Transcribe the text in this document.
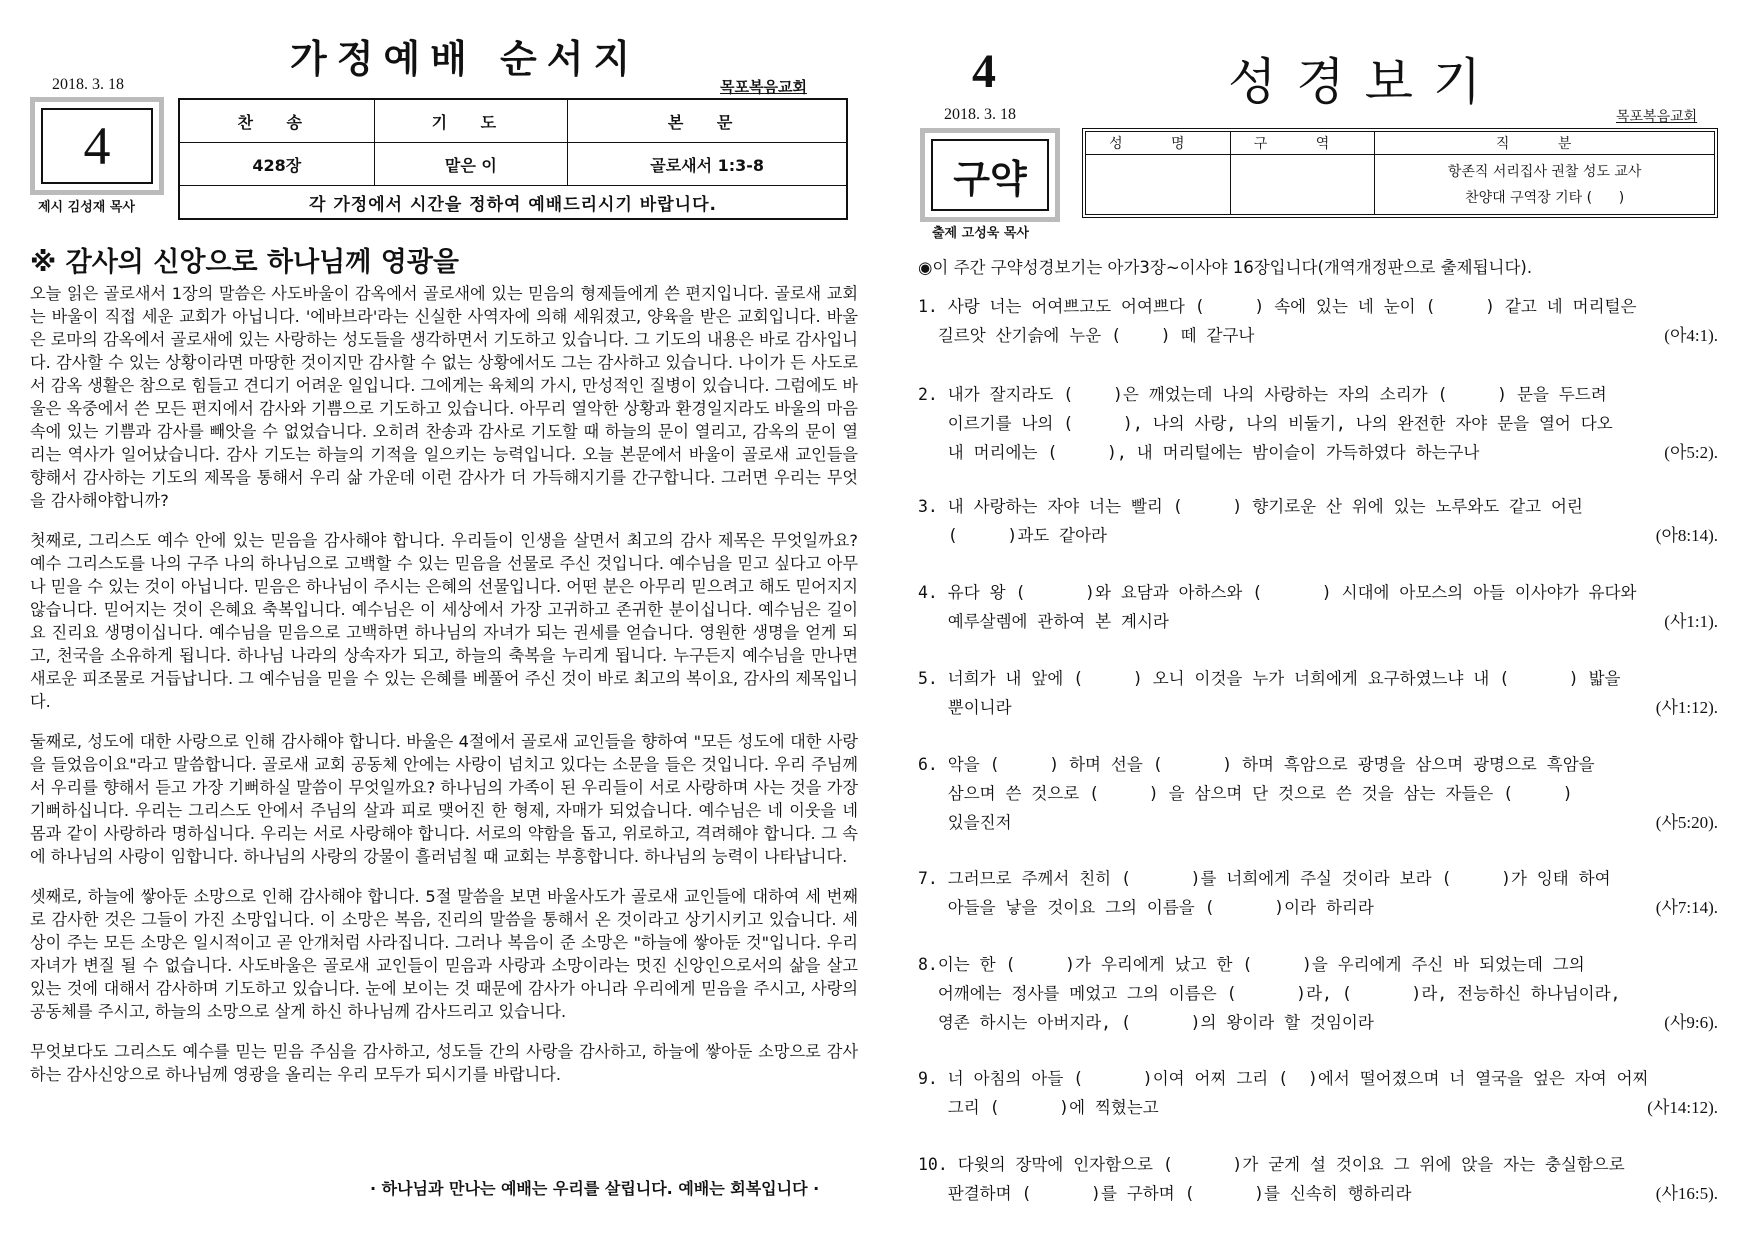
가정예배 순서지
2018. 3. 18	목포복음교회
4
제시 김성재 목사
찬 송	기 도	본 문
428장	맡은 이	골로새서 1:3-8
각 가정에서 시간을 정하여 예배드리시기 바랍니다.		
※ 감사의 신앙으로 하나님께 영광을

오늘 읽은 골로새서 1장의 말씀은 사도바울이 감옥에서 골로새에 있는 믿음의 형제들에게 쓴 편지입니다. 골로새 교회는 바울이 직접 세운 교회가 아닙니다. '에바브라'라는 신실한 사역자에 의해 세워졌고, 양육을 받은 교회입니다. 바울은 로마의 감옥에서 골로새에 있는 사랑하는 성도들을 생각하면서 기도하고 있습니다. 그 기도의 내용은 바로 감사입니다. 감사할 수 있는 상황이라면 마땅한 것이지만 감사할 수 없는 상황에서도 그는 감사하고 있습니다. 나이가 든 사도로서 감옥 생활은 참으로 힘들고 견디기 어려운 일입니다. 그에게는 육체의 가시, 만성적인 질병이 있습니다. 그럼에도 바울은 옥중에서 쓴 모든 편지에서 감사와 기쁨으로 기도하고 있습니다. 아무리 열악한 상황과 환경일지라도 바울의 마음속에 있는 기쁨과 감사를 빼앗을 수 없었습니다. 오히려 찬송과 감사로 기도할 때 하늘의 문이 열리고, 감옥의 문이 열리는 역사가 일어났습니다. 감사 기도는 하늘의 기적을 일으키는 능력입니다. 오늘 본문에서 바울이 골로새 교인들을 향해서 감사하는 기도의 제목을 통해서 우리 삶 가운데 이런 감사가 더 가득해지기를 간구합니다. 그러면 우리는 무엇을 감사해야합니까?

첫째로, 그리스도 예수 안에 있는 믿음을 감사해야 합니다. 우리들이 인생을 살면서 최고의 감사 제목은 무엇일까요? 예수 그리스도를 나의 구주 나의 하나님으로 고백할 수 있는 믿음을 선물로 주신 것입니다. 예수님을 믿고 싶다고 아무나 믿을 수 있는 것이 아닙니다. 믿음은 하나님이 주시는 은혜의 선물입니다. 어떤 분은 아무리 믿으려고 해도 믿어지지 않습니다. 믿어지는 것이 은혜요 축복입니다. 예수님은 이 세상에서 가장 고귀하고 존귀한 분이십니다. 예수님은 길이요 진리요 생명이십니다. 예수님을 믿음으로 고백하면 하나님의 자녀가 되는 권세를 얻습니다. 영원한 생명을 얻게 되고, 천국을 소유하게 됩니다. 하나님 나라의 상속자가 되고, 하늘의 축복을 누리게 됩니다. 누구든지 예수님을 만나면 새로운 피조물로 거듭납니다. 그 예수님을 믿을 수 있는 은혜를 베풀어 주신 것이 바로 최고의 복이요, 감사의 제목입니다.

둘째로, 성도에 대한 사랑으로 인해 감사해야 합니다. 바울은 4절에서 골로새 교인들을 향하여 "모든 성도에 대한 사랑을 들었음이요"라고 말씀합니다. 골로새 교회 공동체 안에는 사랑이 넘치고 있다는 소문을 들은 것입니다. 우리 주님께서 우리를 향해서 듣고 가장 기뻐하실 말씀이 무엇일까요? 하나님의 가족이 된 우리들이 서로 사랑하며 사는 것을 가장 기뻐하십니다. 우리는 그리스도 안에서 주님의 살과 피로 맺어진 한 형제, 자매가 되었습니다. 예수님은 네 이웃을 네 몸과 같이 사랑하라 명하십니다. 우리는 서로 사랑해야 합니다. 서로의 약함을 돕고, 위로하고, 격려해야 합니다. 그 속에 하나님의 사랑이 임합니다. 하나님의 사랑의 강물이 흘러넘칠 때 교회는 부흥합니다. 하나님의 능력이 나타납니다.

셋째로, 하늘에 쌓아둔 소망으로 인해 감사해야 합니다. 5절 말씀을 보면 바울사도가 골로새 교인들에 대하여 세 번째로 감사한 것은 그들이 가진 소망입니다. 이 소망은 복음, 진리의 말씀을 통해서 온 것이라고 상기시키고 있습니다. 세상이 주는 모든 소망은 일시적이고 곧 안개처럼 사라집니다. 그러나 복음이 준 소망은 "하늘에 쌓아둔 것"입니다. 우리 자녀가 변질 될 수 없습니다. 사도바울은 골로새 교인들이 믿음과 사랑과 소망이라는 멋진 신앙인으로서의 삶을 살고 있는 것에 대해서 감사하며 기도하고 있습니다. 눈에 보이는 것 때문에 감사가 아니라 우리에게 믿음을 주시고, 사랑의 공동체를 주시고, 하늘의 소망으로 살게 하신 하나님께 감사드리고 있습니다.

무엇보다도 그리스도 예수를 믿는 믿음 주심을 감사하고, 성도들 간의 사랑을 감사하고, 하늘에 쌓아둔 소망으로 감사하는 감사신앙으로 하나님께 영광을 올리는 우리 모두가 되시기를 바랍니다.

· 하나님과 만나는 예배는 우리를 살립니다. 예배는 회복입니다 ·
4	성경보기
2018. 3. 18	목포복음교회
구약
출제 고성욱 목사
성 명	구 역	직 분

		항존직 서리집사 권찰 성도 교사
찬양대 구역장 기타 (      )
◉이 주간 구약성경보기는 아가3장~이사야 16장입니다(개역개정판으로 출제됩니다).
1. 사랑 너는 어여쁘고도 어여쁘다 (     ) 속에 있는 네 눈이 (     ) 같고 네 머리털은
길르앗 산기슭에 누운 (    ) 떼 같구나	(아4:1).
2. 내가 잘지라도 (    )은 깨었는데 나의 사랑하는 자의 소리가 (     ) 문을 두드려
이르기를 나의 (     ), 나의 사랑, 나의 비둘기, 나의 완전한 자야 문을 열어 다오
내 머리에는 (     ), 내 머리털에는 밤이슬이 가득하였다 하는구나	(아5:2).
3. 내 사랑하는 자야 너는 빨리 (     ) 향기로운 산 위에 있는 노루와도 같고 어린
(     )과도 같아라	(아8:14).
4. 유다 왕 (      )와 요담과 아하스와 (      ) 시대에 아모스의 아들 이사야가 유다와
예루살렘에 관하여 본 계시라	(사1:1).
5. 너희가 내 앞에 (     ) 오니 이것을 누가 너희에게 요구하였느냐 내 (      ) 밟을
뿐이니라	(사1:12).
6. 악을 (     ) 하며 선을 (      ) 하며 흑암으로 광명을 삼으며 광명으로 흑암을
삼으며 쓴 것으로 (     ) 을 삼으며 단 것으로 쓴 것을 삼는 자들은 (     )
있을진저	(사5:20).
7. 그러므로 주께서 친히 (      )를 너희에게 주실 것이라 보라 (     )가 잉태 하여
아들을 낳을 것이요 그의 이름을 (      )이라 하리라	(사7:14).
8.이는 한 (     )가 우리에게 났고 한 (     )을 우리에게 주신 바 되었는데 그의
어깨에는 정사를 메었고 그의 이름은 (      )라, (      )라, 전능하신 하나님이라,
영존 하시는 아버지라, (      )의 왕이라 할 것임이라	(사9:6).
9. 너 아침의 아들 (      )이여 어찌 그리 (  )에서 떨어졌으며 너 열국을 엎은 자여 어찌
그리 (      )에 찍혔는고	(사14:12).
10. 다윗의 장막에 인자함으로 (      )가 굳게 설 것이요 그 위에 앉을 자는 충실함으로
판결하며 (      )를 구하며 (      )를 신속히 행하리라	(사16:5).
